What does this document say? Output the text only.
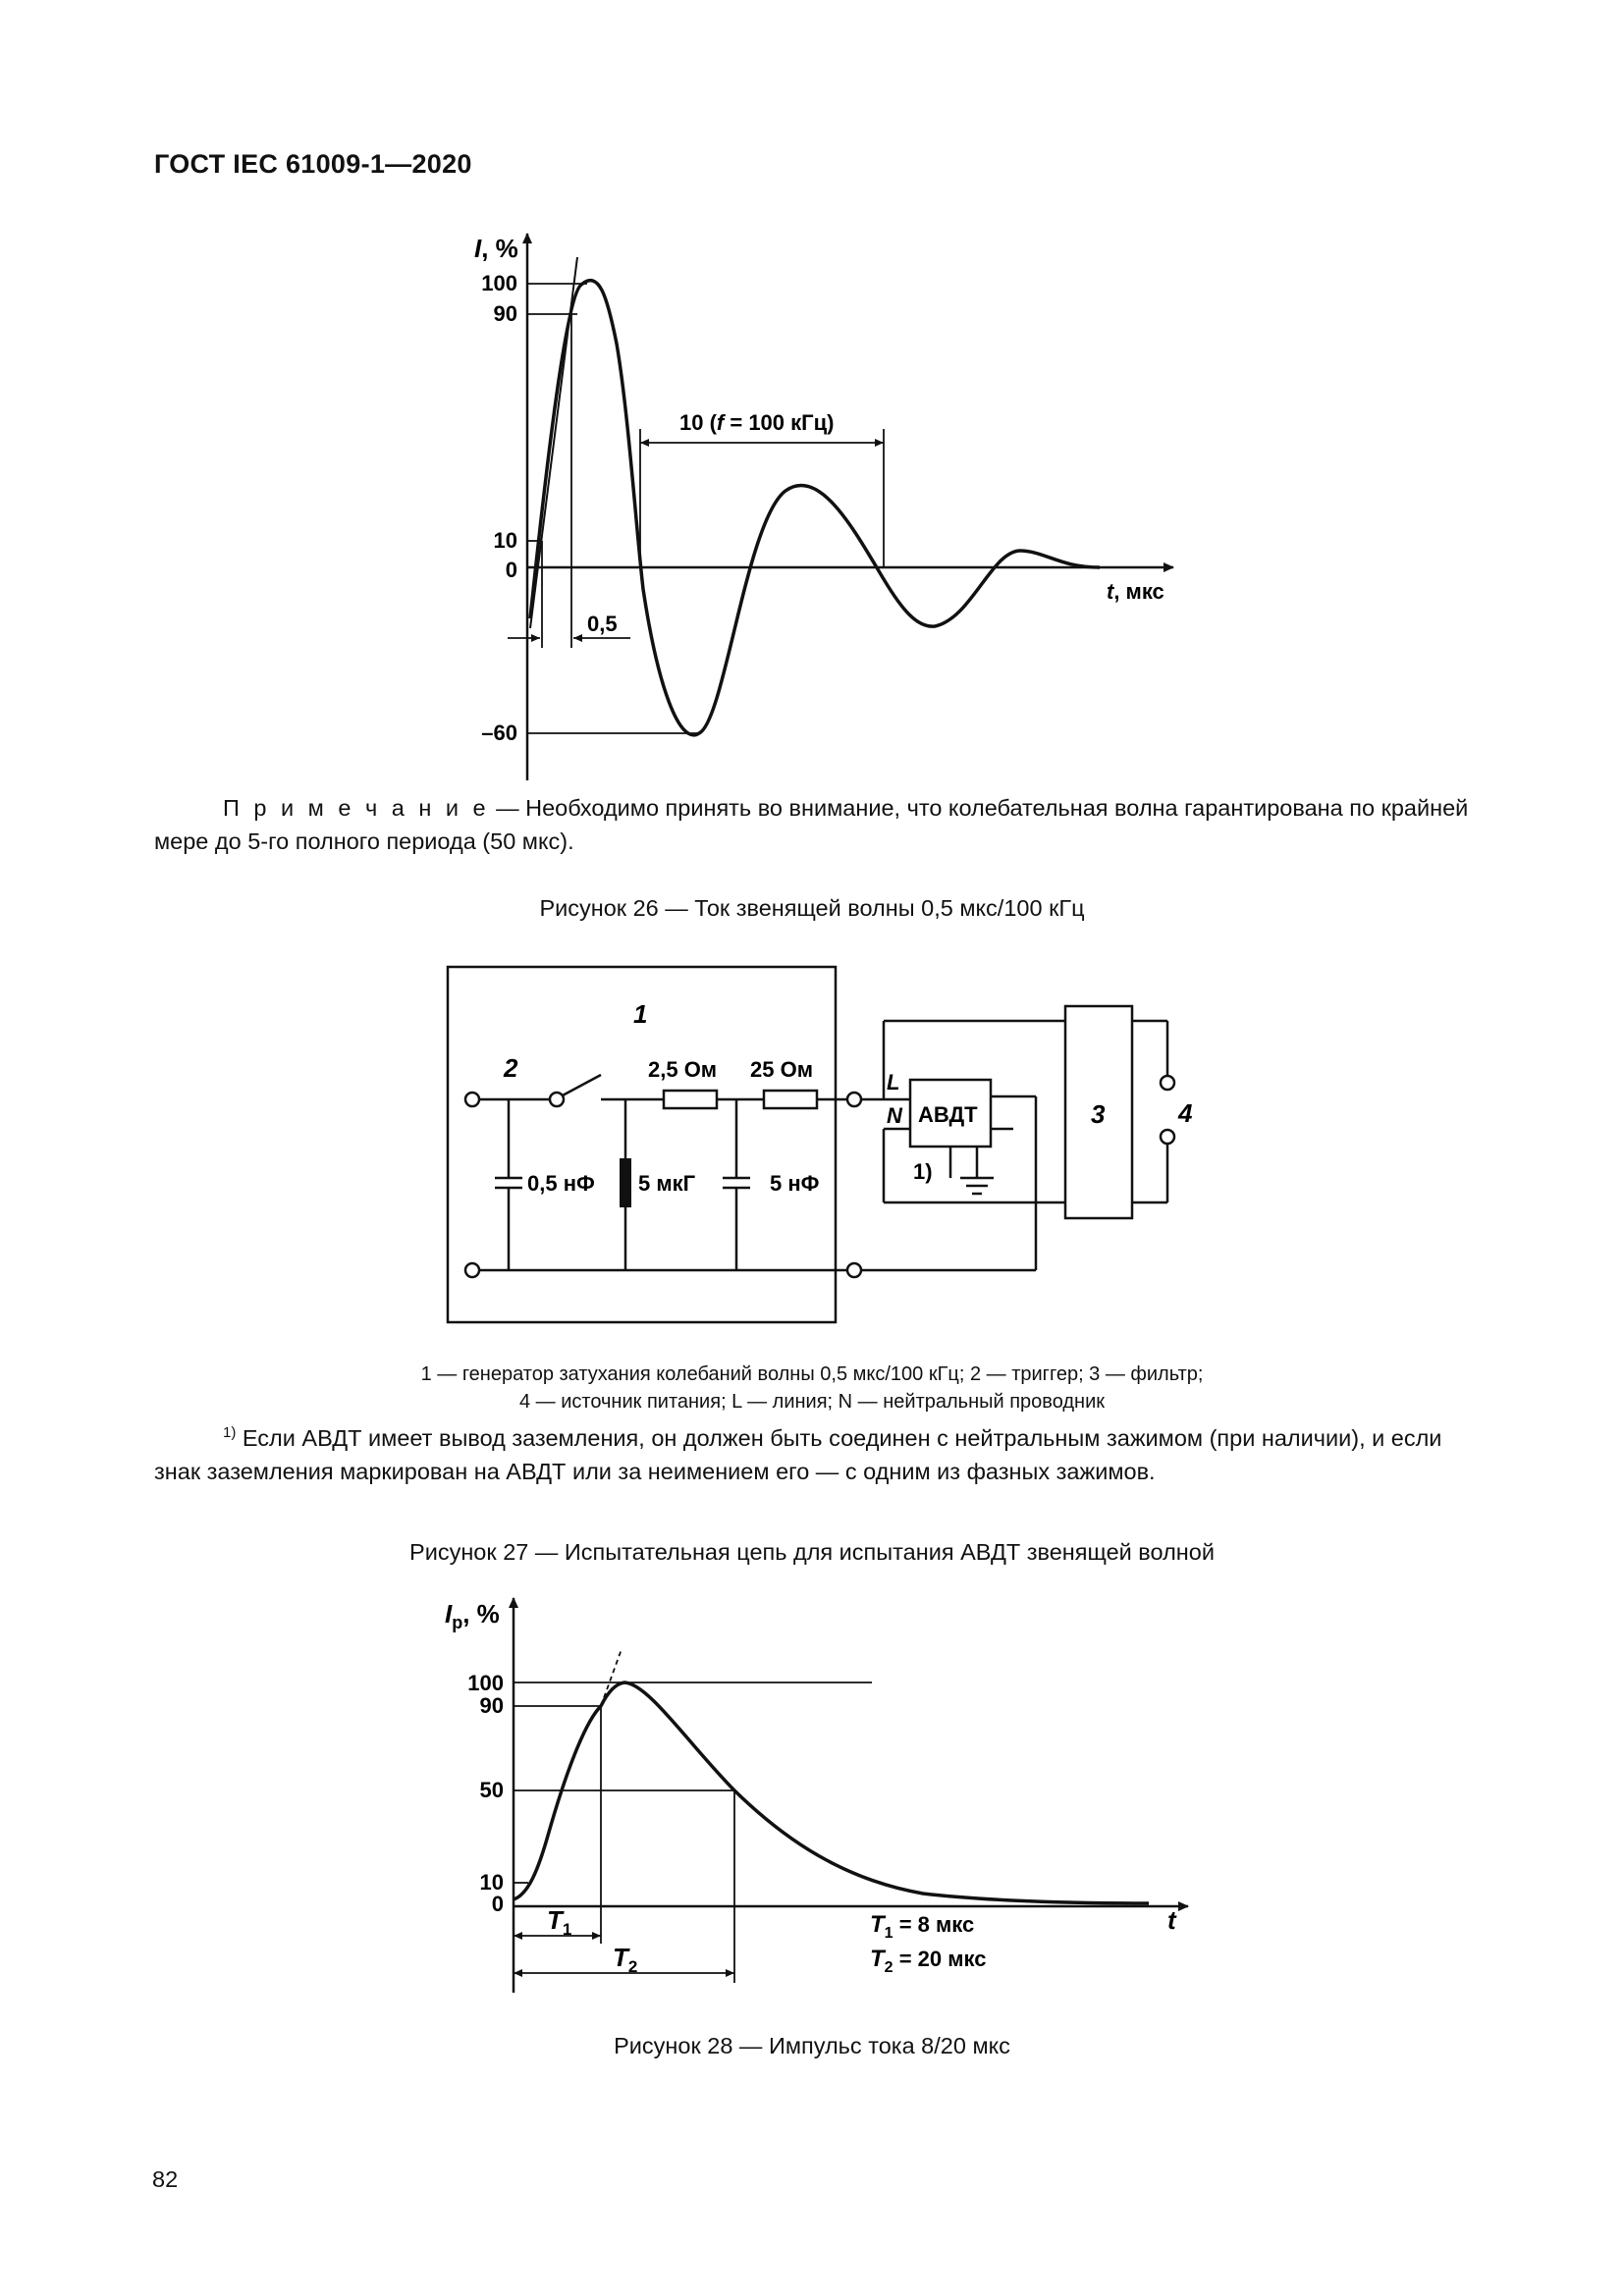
ГОСТ IEC 61009-1—2020
I, %
100
90
10
0
–60
0,5
10 (f = 100 кГц)
t, мкс
П р и м е ч а н и е — Необходимо принять во внимание, что колебательная волна гарантирована по крайней мере до 5-го полного периода (50 мкс).
Рисунок 26 — Ток звенящей волны 0,5 мкс/100 кГц
1
2
3	4
2,5 Ом 25 Ом
0,5 нФ 5 мкГ	5 нФ
АВДТ
L
N
1)
1 — генератор затухания колебаний волны 0,5 мкс/100 кГц; 2 — триггер; 3 — фильтр;
4 — источник питания; L — линия; N — нейтральный проводник
$^{1)}$ Если АВДТ имеет вывод заземления, он должен быть соединен с нейтральным зажимом (при наличии), и если знак заземления маркирован на АВДТ или за неимением его — с одним из фазных зажимов.
Рисунок 27 — Испытательная цепь для испытания АВДТ звенящей волной
$I_p$, %
100
90
50
10
0
t
$T_1$
$T_2$
$T_1 = 8$ мкс
$T_2 = 20$ мкс
Рисунок 28 — Импульс тока 8/20 мкс
82
